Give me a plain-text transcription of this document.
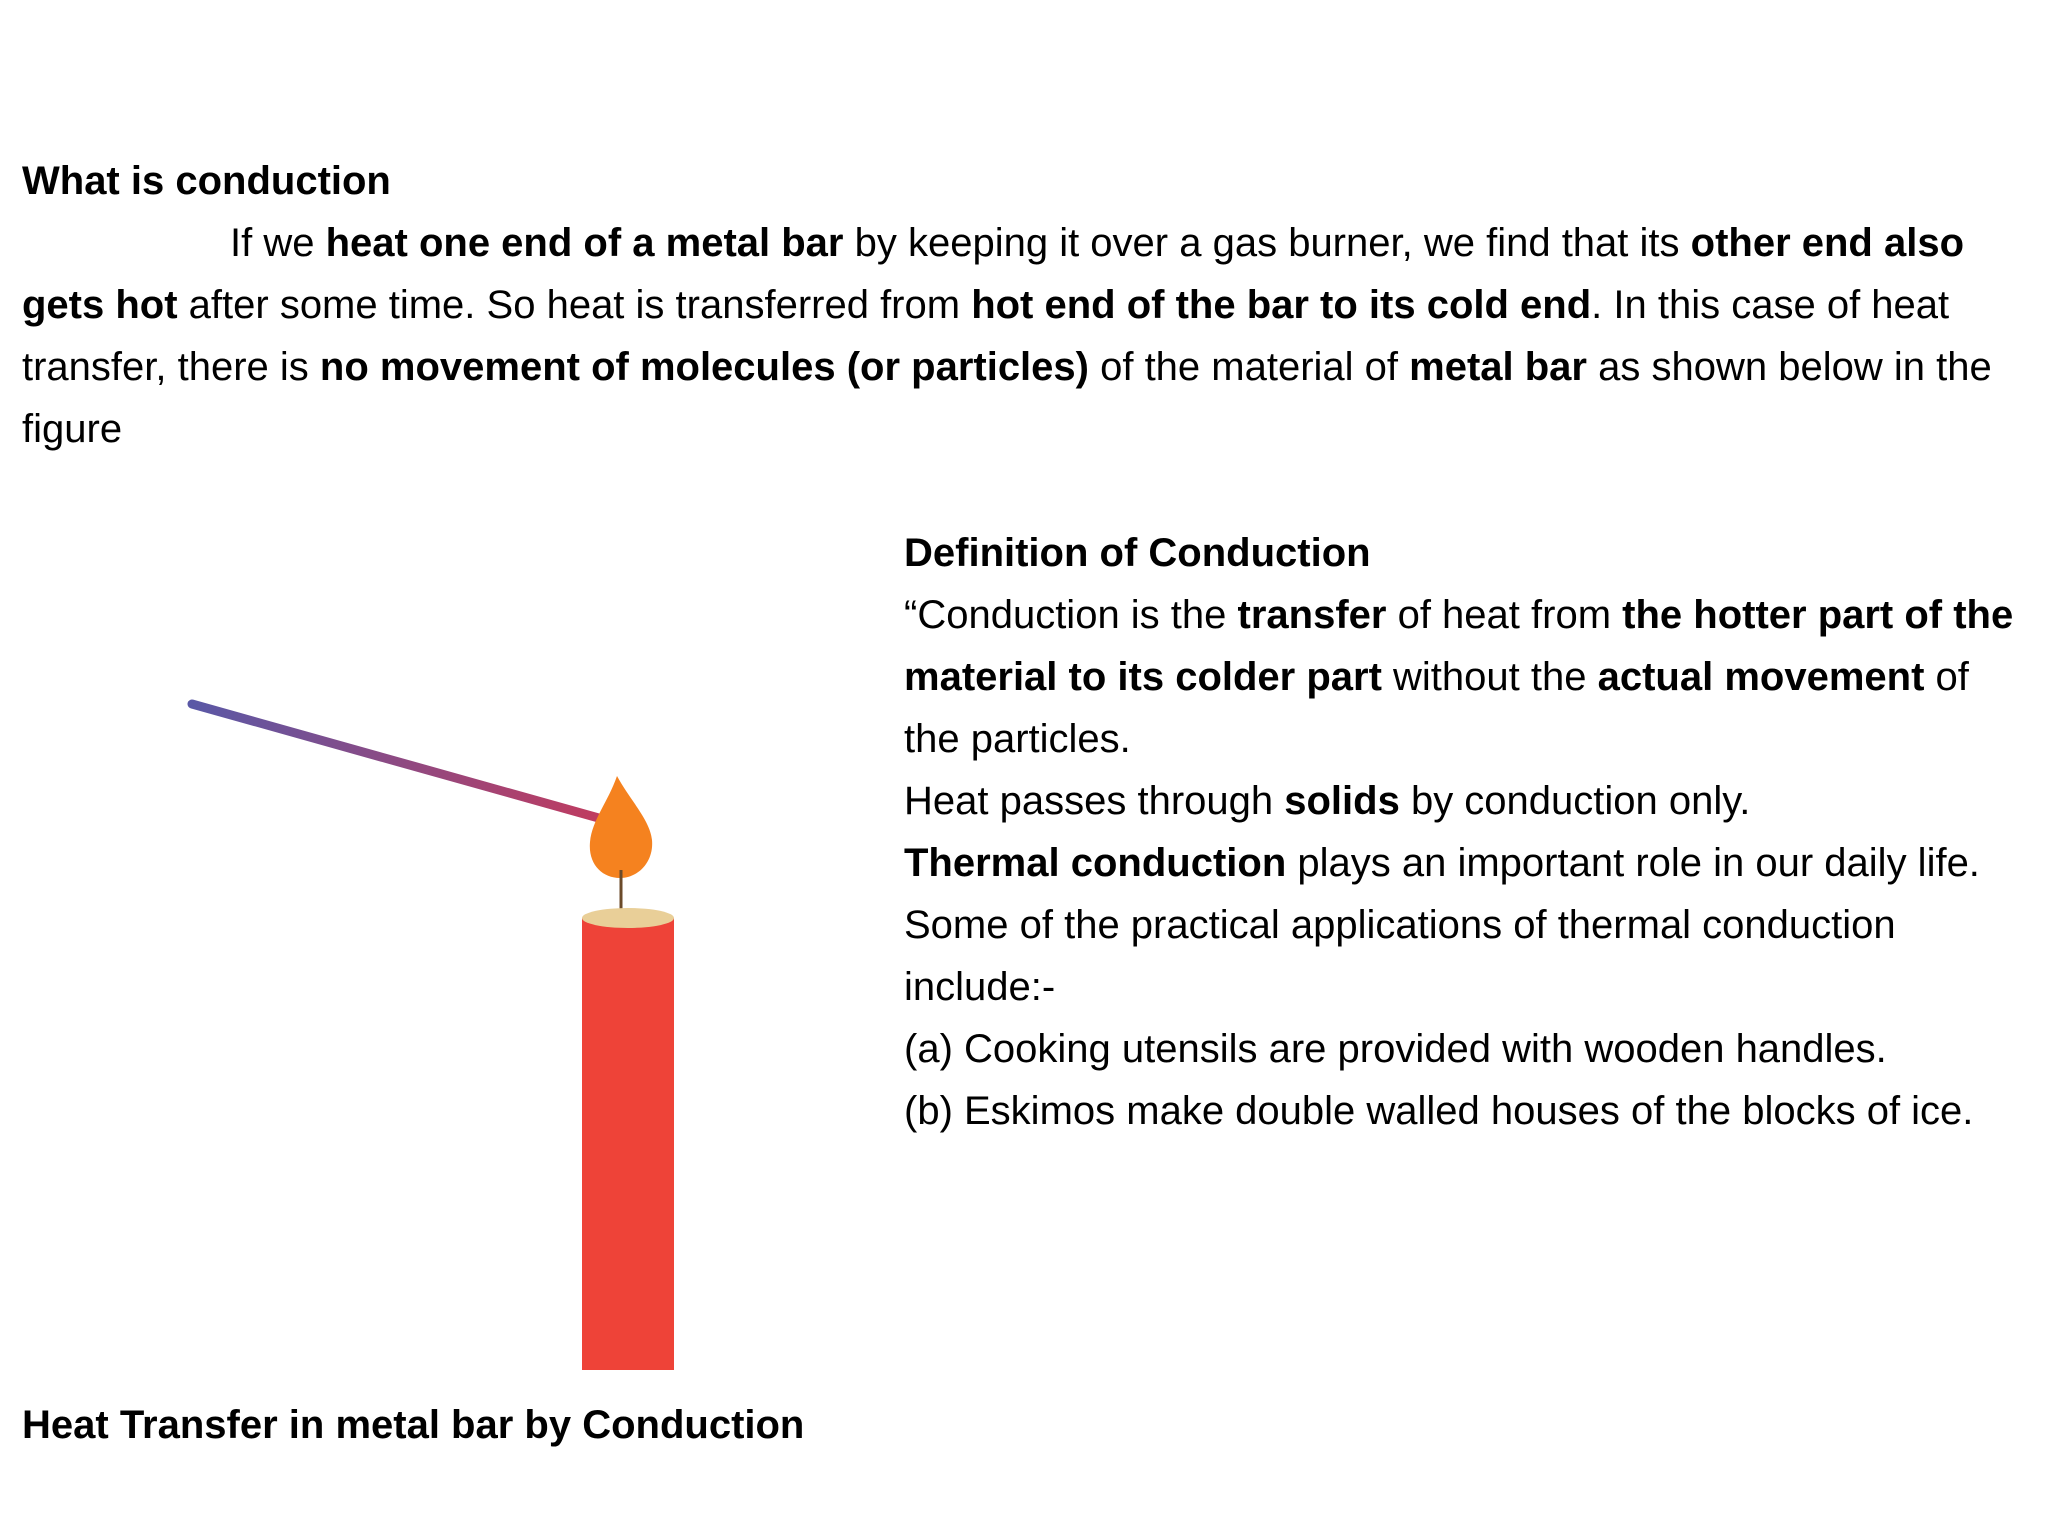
What is conduction
If we heat one end of a metal bar by keeping it over a gas burner, we find that its other end also gets hot after some time. So heat is transferred from hot end of the bar to its cold end. In this case of heat transfer, there is no movement of molecules (or particles) of the material of metal bar as shown below in the figure
Definition of Conduction
“Conduction is the transfer of heat from the hotter part of the material to its colder part without the actual movement of the particles.
Heat passes through solids by conduction only.
Thermal conduction plays an important role in our daily life.
Some of the practical applications of thermal conduction include:-
(a) Cooking utensils are provided with wooden handles.
(b) Eskimos make double walled houses of the blocks of ice.
Heat Transfer in metal bar by Conduction
